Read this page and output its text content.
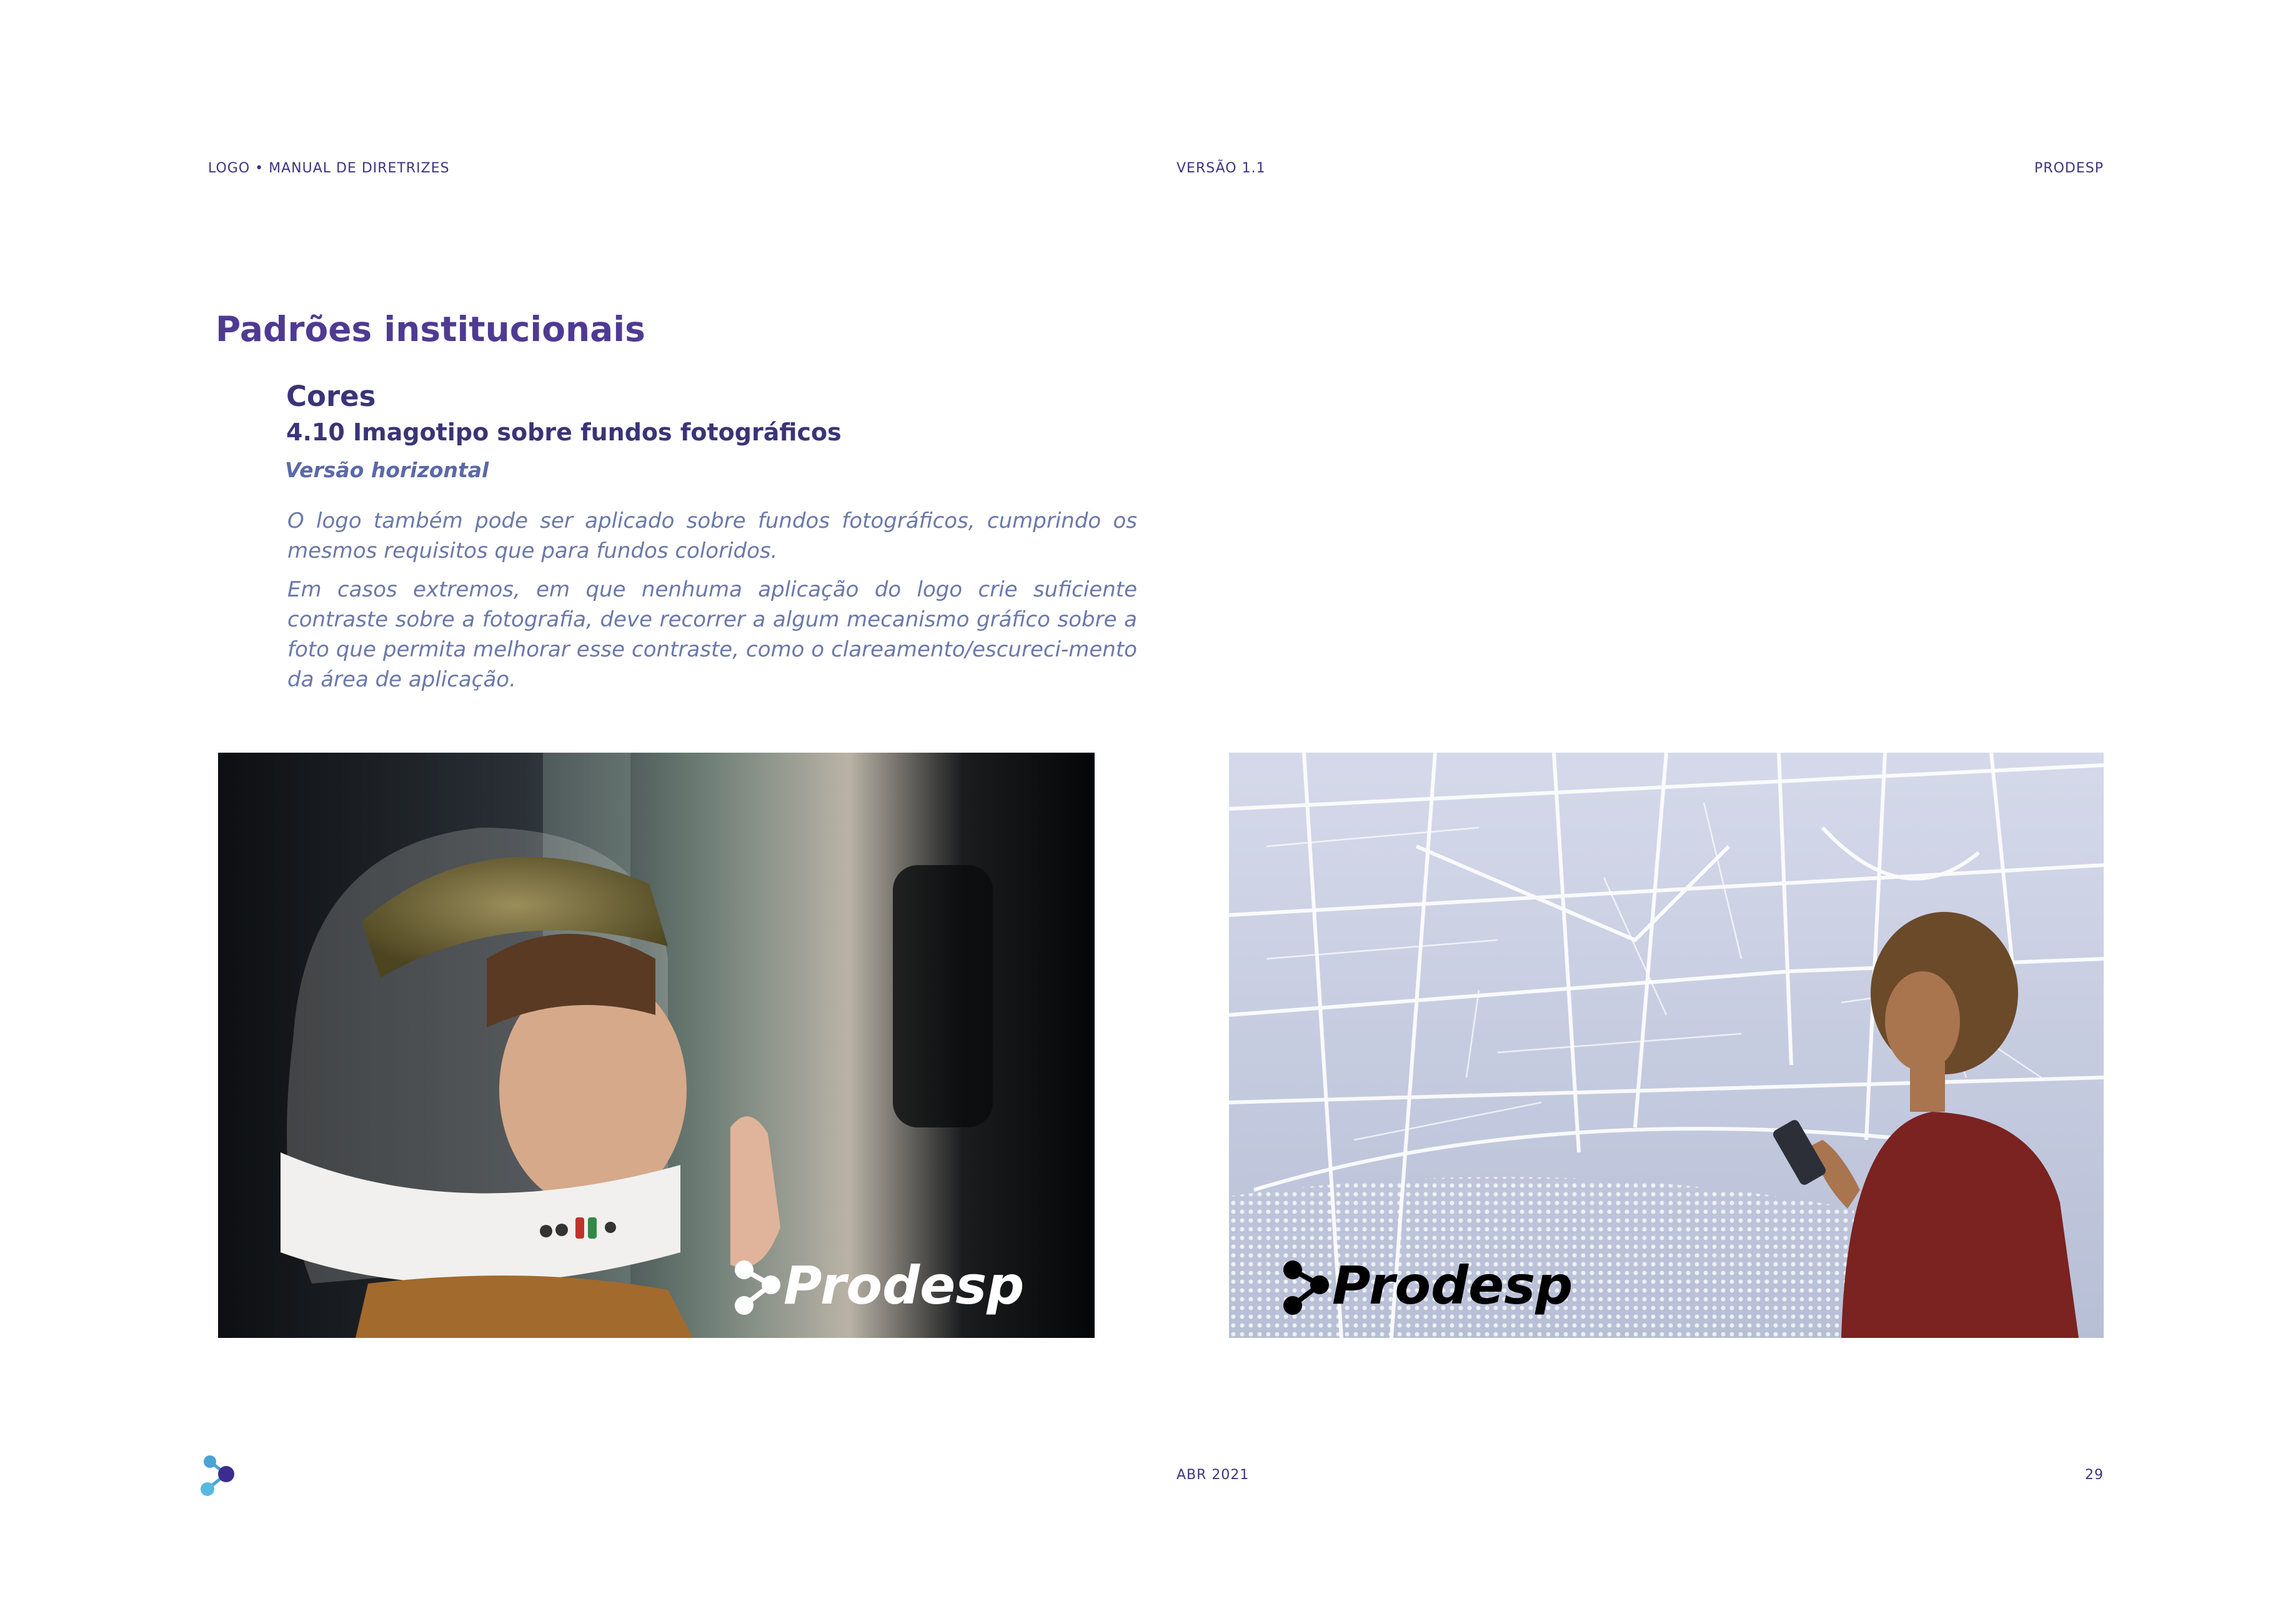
LOGO • MANUAL DE DIRETRIZES	VERSÃO 1.1	PRODESP
Padrões institucionais
Cores
4.10 Imagotipo sobre fundos fotográficos
Versão horizontal

O logo também pode ser aplicado sobre fundos fotográficos, cumprindo os mesmos requisitos que para fundos coloridos.

Em casos extremos, em que nenhuma aplicação do logo crie suficiente contraste sobre a fotografia, deve recorrer a algum mecanismo gráfico sobre a foto que permita melhorar esse contraste, como o clareamento/escureci-mento da área de aplicação.

Prodesp	Prodesp
ABR 2021	29
